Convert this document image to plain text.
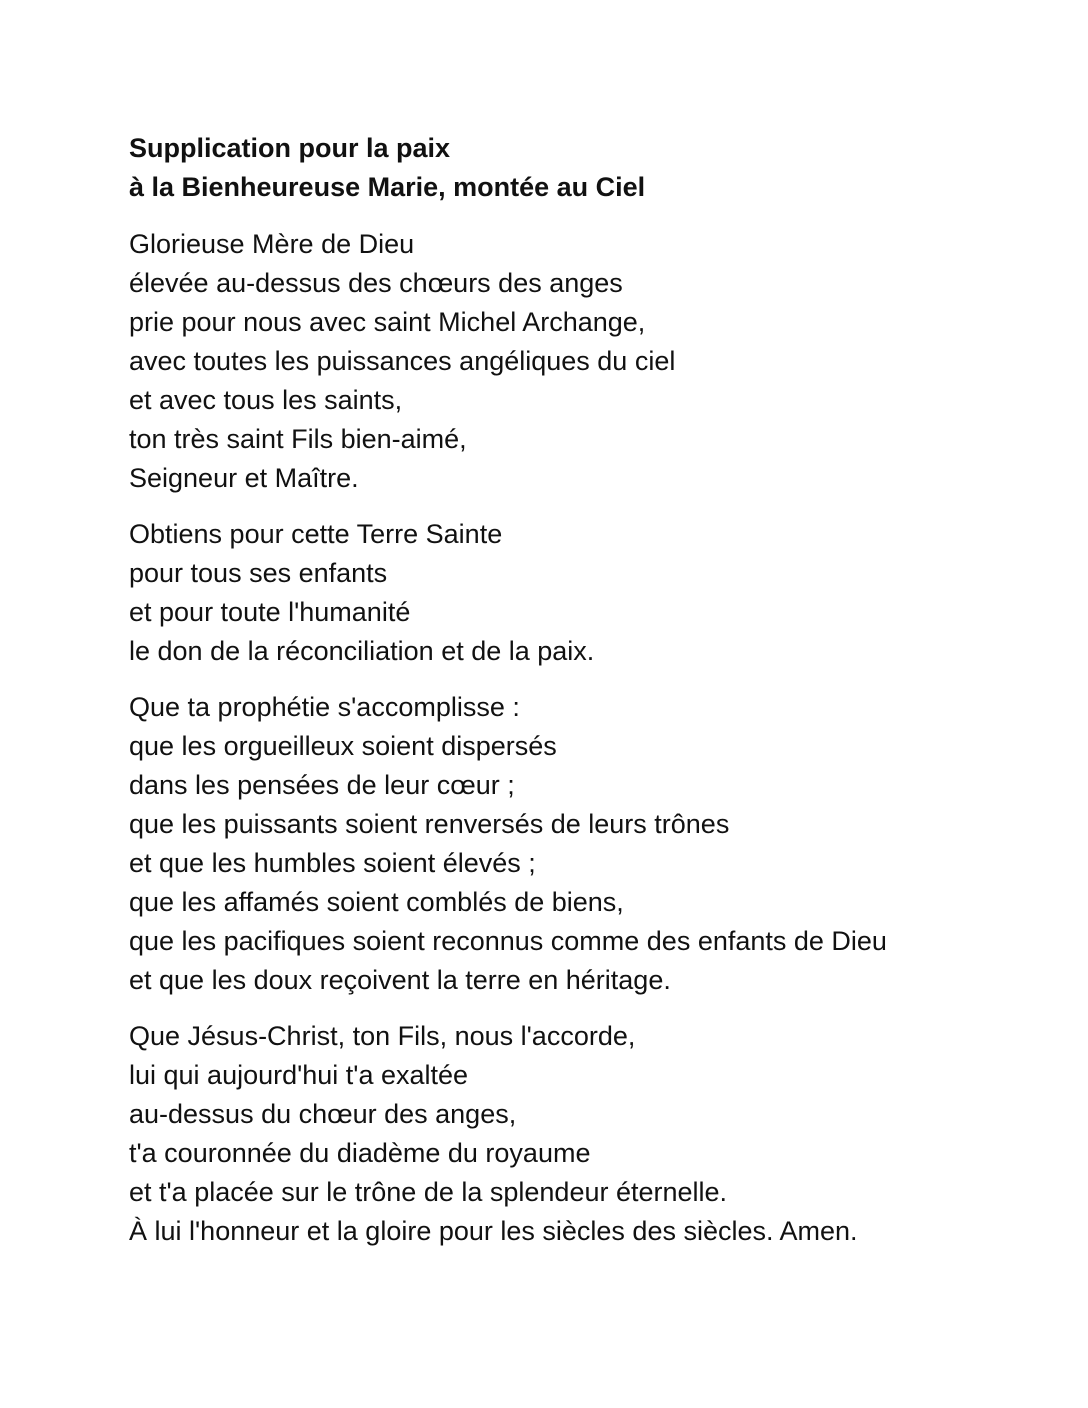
Supplication pour la paix

à la Bienheureuse Marie, montée au Ciel

Glorieuse Mère de Dieu
élevée au-dessus des chœurs des anges
prie pour nous avec saint Michel Archange,
avec toutes les puissances angéliques du ciel
et avec tous les saints,
ton très saint Fils bien-aimé,
Seigneur et Maître.
Obtiens pour cette Terre Sainte
pour tous ses enfants
et pour toute l'humanité
le don de la réconciliation et de la paix.
Que ta prophétie s'accomplisse :
que les orgueilleux soient dispersés
dans les pensées de leur cœur ;
que les puissants soient renversés de leurs trônes
et que les humbles soient élevés ;
que les affamés soient comblés de biens,
que les pacifiques soient reconnus comme des enfants de Dieu
et que les doux reçoivent la terre en héritage.
Que Jésus-Christ, ton Fils, nous l'accorde,
lui qui aujourd'hui t'a exaltée
au-dessus du chœur des anges,
t'a couronnée du diadème du royaume
et t'a placée sur le trône de la splendeur éternelle.
À lui l'honneur et la gloire pour les siècles des siècles. Amen.
